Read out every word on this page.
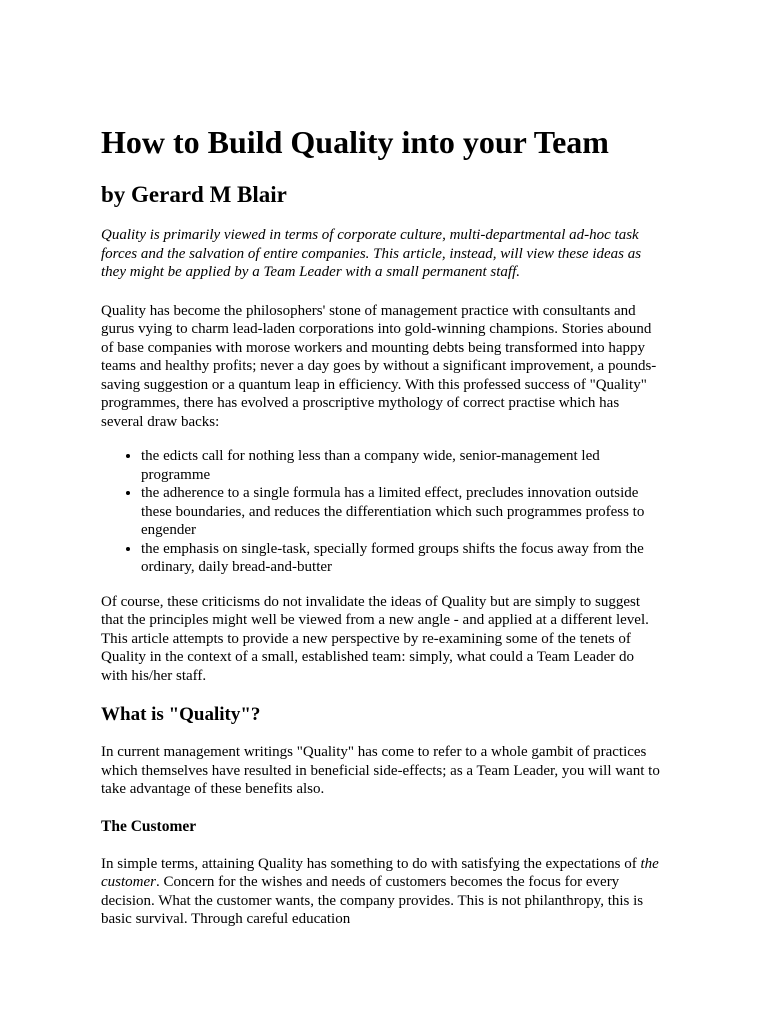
How to Build Quality into your Team
by Gerard M Blair

Quality is primarily viewed in terms of corporate culture, multi-departmental ad-hoc task forces and the salvation of entire companies. This article, instead, will view these ideas as they might be applied by a Team Leader with a small permanent staff.

Quality has become the philosophers' stone of management practice with consultants and gurus vying to charm lead-laden corporations into gold-winning champions. Stories abound of base companies with morose workers and mounting debts being transformed into happy teams and healthy profits; never a day goes by without a significant improvement, a pounds-saving suggestion or a quantum leap in efficiency. With this professed success of "Quality" programmes, there has evolved a proscriptive mythology of correct practise which has several draw backs:

• the edicts call for nothing less than a company wide, senior-management led programme
• the adherence to a single formula has a limited effect, precludes innovation outside these boundaries, and reduces the differentiation which such programmes profess to engender
• the emphasis on single-task, specially formed groups shifts the focus away from the ordinary, daily bread-and-butter

Of course, these criticisms do not invalidate the ideas of Quality but are simply to suggest that the principles might well be viewed from a new angle - and applied at a different level. This article attempts to provide a new perspective by re-examining some of the tenets of Quality in the context of a small, established team: simply, what could a Team Leader do with his/her staff.

What is "Quality"?

In current management writings "Quality" has come to refer to a whole gambit of practices which themselves have resulted in beneficial side-effects; as a Team Leader, you will want to take advantage of these benefits also.

The Customer

In simple terms, attaining Quality has something to do with satisfying the expectations of the customer. Concern for the wishes and needs of customers becomes the focus for every decision. What the customer wants, the company provides. This is not philanthropy, this is basic survival. Through careful education
